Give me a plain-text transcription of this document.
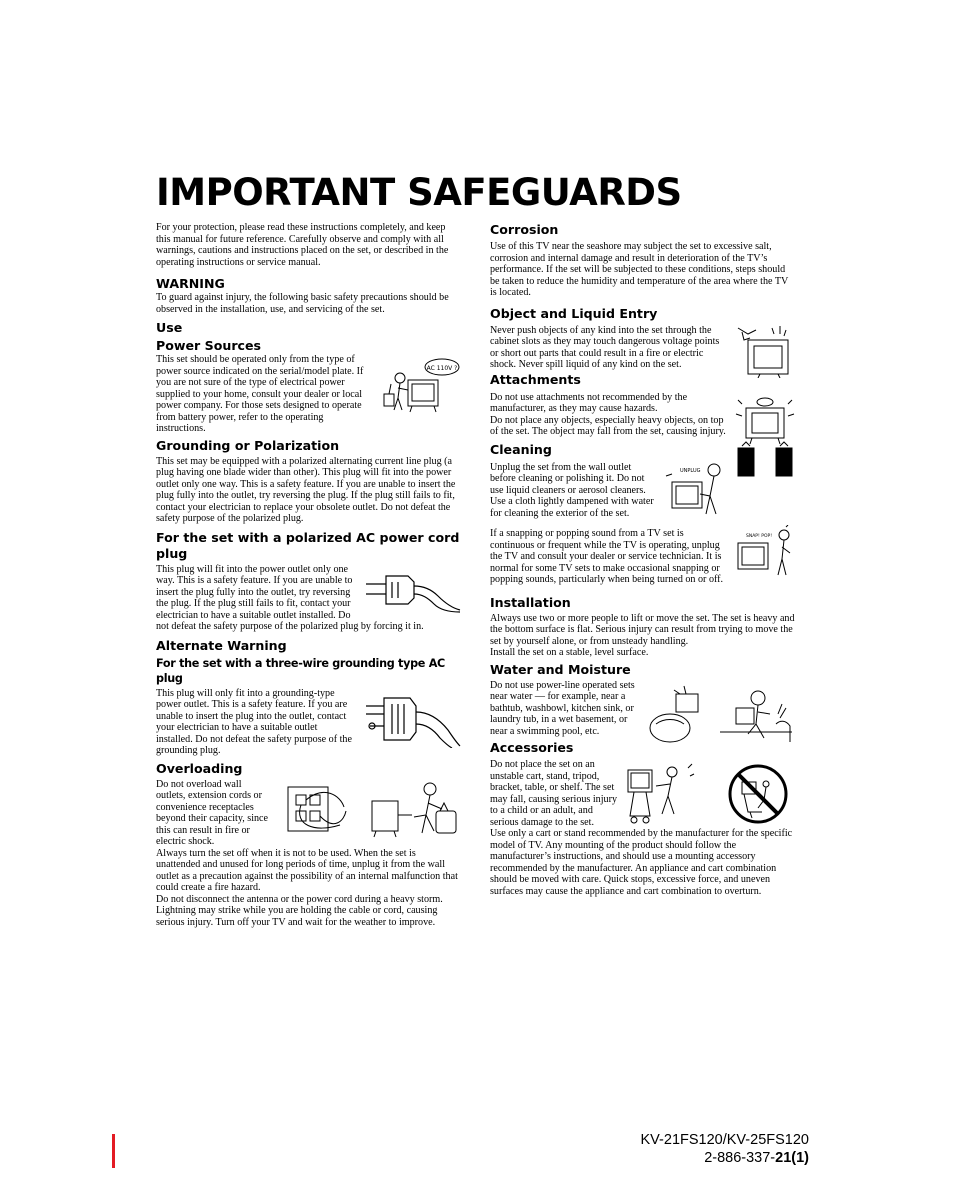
IMPORTANT SAFEGUARDS

For your protection, please read these instructions completely, and keep this manual for future reference. Carefully observe and comply with all warnings, cautions and instructions placed on the set, or described in the operating instructions or service manual.

WARNING

To guard against injury, the following basic safety precautions should be observed in the installation, use, and servicing of the set.

Use
Power Sources
AC 110V ?

This set should be operated only from the type of power source indicated on the serial/model plate. If you are not sure of the type of electrical power supplied to your home, consult your dealer or local power company. For those sets designed to operate from battery power, refer to the operating instructions.

Grounding or Polarization

This set may be equipped with a polarized alternating current line plug (a plug having one blade wider than other). This plug will fit into the power outlet only one way. This is a safety feature. If you are unable to insert the plug fully into the outlet, try reversing the plug. If the plug still fails to fit, contact your electrician to replace your obsolete outlet. Do not defeat the safety purpose of the polarized plug.

For the set with a polarized AC power cord plug

This plug will fit into the power outlet only one way. This is a safety feature. If you are unable to insert the plug fully into the outlet, try reversing the plug. If the plug still fails to fit, contact your electrician to have a suitable outlet installed. Do not defeat the safety purpose of the polarized plug by forcing it in.

Alternate Warning
For the set with a three-wire grounding type AC plug

This plug will only fit into a grounding-type power outlet. This is a safety feature. If you are unable to insert the plug into the outlet, contact your electrician to have a suitable outlet installed. Do not defeat the safety purpose of the grounding plug.

Overloading

Do not overload wall outlets, extension cords or convenience receptacles beyond their capacity, since this can result in fire or electric shock.

Always turn the set off when it is not to be used. When the set is unattended and unused for long periods of time, unplug it from the wall outlet as a precaution against the possibility of an internal malfunction that could create a fire hazard.

Do not disconnect the antenna or the power cord during a heavy storm. Lightning may strike while you are holding the cable or cord, causing serious injury. Turn off your TV and wait for the weather to improve.

Corrosion

Use of this TV near the seashore may subject the set to excessive salt, corrosion and internal damage and result in deterioration of the TV’s performance. If the set will be subjected to these conditions, steps should be taken to reduce the humidity and temperature of the area where the TV is located.

Object and Liquid Entry

Never push objects of any kind into the set through the cabinet slots as they may touch dangerous voltage points or short out parts that could result in a fire or electric shock. Never spill liquid of any kind on the set.

Attachments

Do not use attachments not recommended by the manufacturer, as they may cause hazards.

Do not place any objects, especially heavy objects, on top of the set. The object may fall from the set, causing injury.

Cleaning
UNPLUG

Unplug the set from the wall outlet before cleaning or polishing it. Do not use liquid cleaners or aerosol cleaners. Use a cloth lightly dampened with water for cleaning the exterior of the set.

SNAP! POP!

If a snapping or popping sound from a TV set is continuous or frequent while the TV is operating, unplug the TV and consult your dealer or service technician. It is normal for some TV sets to make occasional snapping or popping sounds, particularly when being turned on or off.

Installation

Always use two or more people to lift or move the set. The set is heavy and the bottom surface is flat. Serious injury can result from trying to move the set by yourself alone, or from unsteady handling.

Install the set on a stable, level surface.

Water and Moisture

Do not use power-line operated sets near water — for example, near a bathtub, washbowl, kitchen sink, or laundry tub, in a wet basement, or near a swimming pool, etc.

Accessories

Do not place the set on an unstable cart, stand, tripod, bracket, table, or shelf. The set may fall, causing serious injury to a child or an adult, and serious damage to the set.

Use only a cart or stand recommended by the manufacturer for the specific model of TV. Any mounting of the product should follow the manufacturer’s instructions, and should use a mounting accessory recommended by the manufacturer. An appliance and cart combination should be moved with care. Quick stops, excessive force, and uneven surfaces may cause the appliance and cart combination to overturn.

KV-21FS120/KV-25FS120
2-886-337-21(1)
